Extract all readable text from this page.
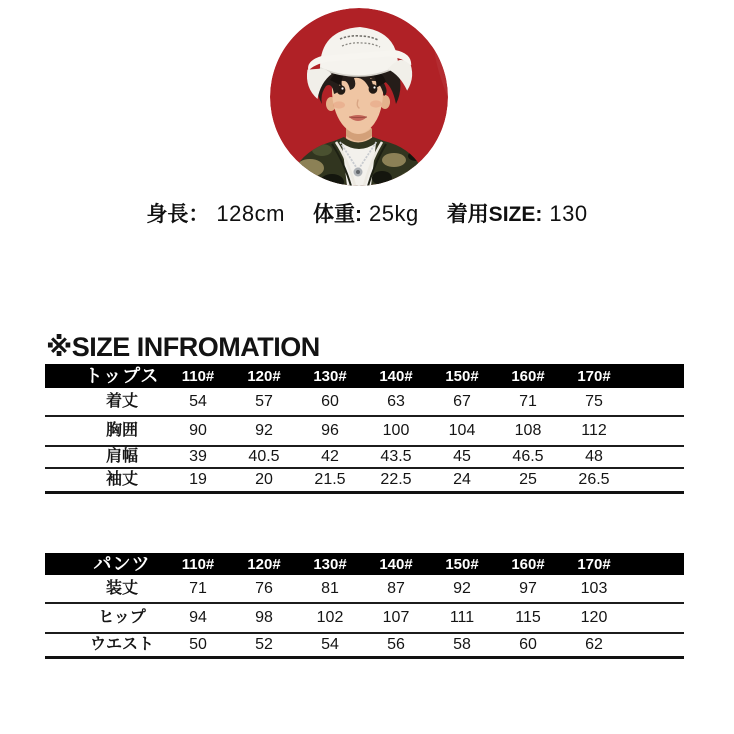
身長： 128cm 体重: 25kg 着用SIZE: 130
※SIZE INFROMATION
トップス	110#	120#	130#	140#	150#	160#	170#	
着丈	54	57	60	63	67	71	75	
胸囲	90	92	96	100	104	108	112	
肩幅	39	40.5	42	43.5	45	46.5	48	
袖丈	19	20	21.5	22.5	24	25	26.5	
パンツ	110#	120#	130#	140#	150#	160#	170#	
装丈	71	76	81	87	92	97	103	
ヒップ	94	98	102	107	111	115	120	
ウエスト	50	52	54	56	58	60	62	
